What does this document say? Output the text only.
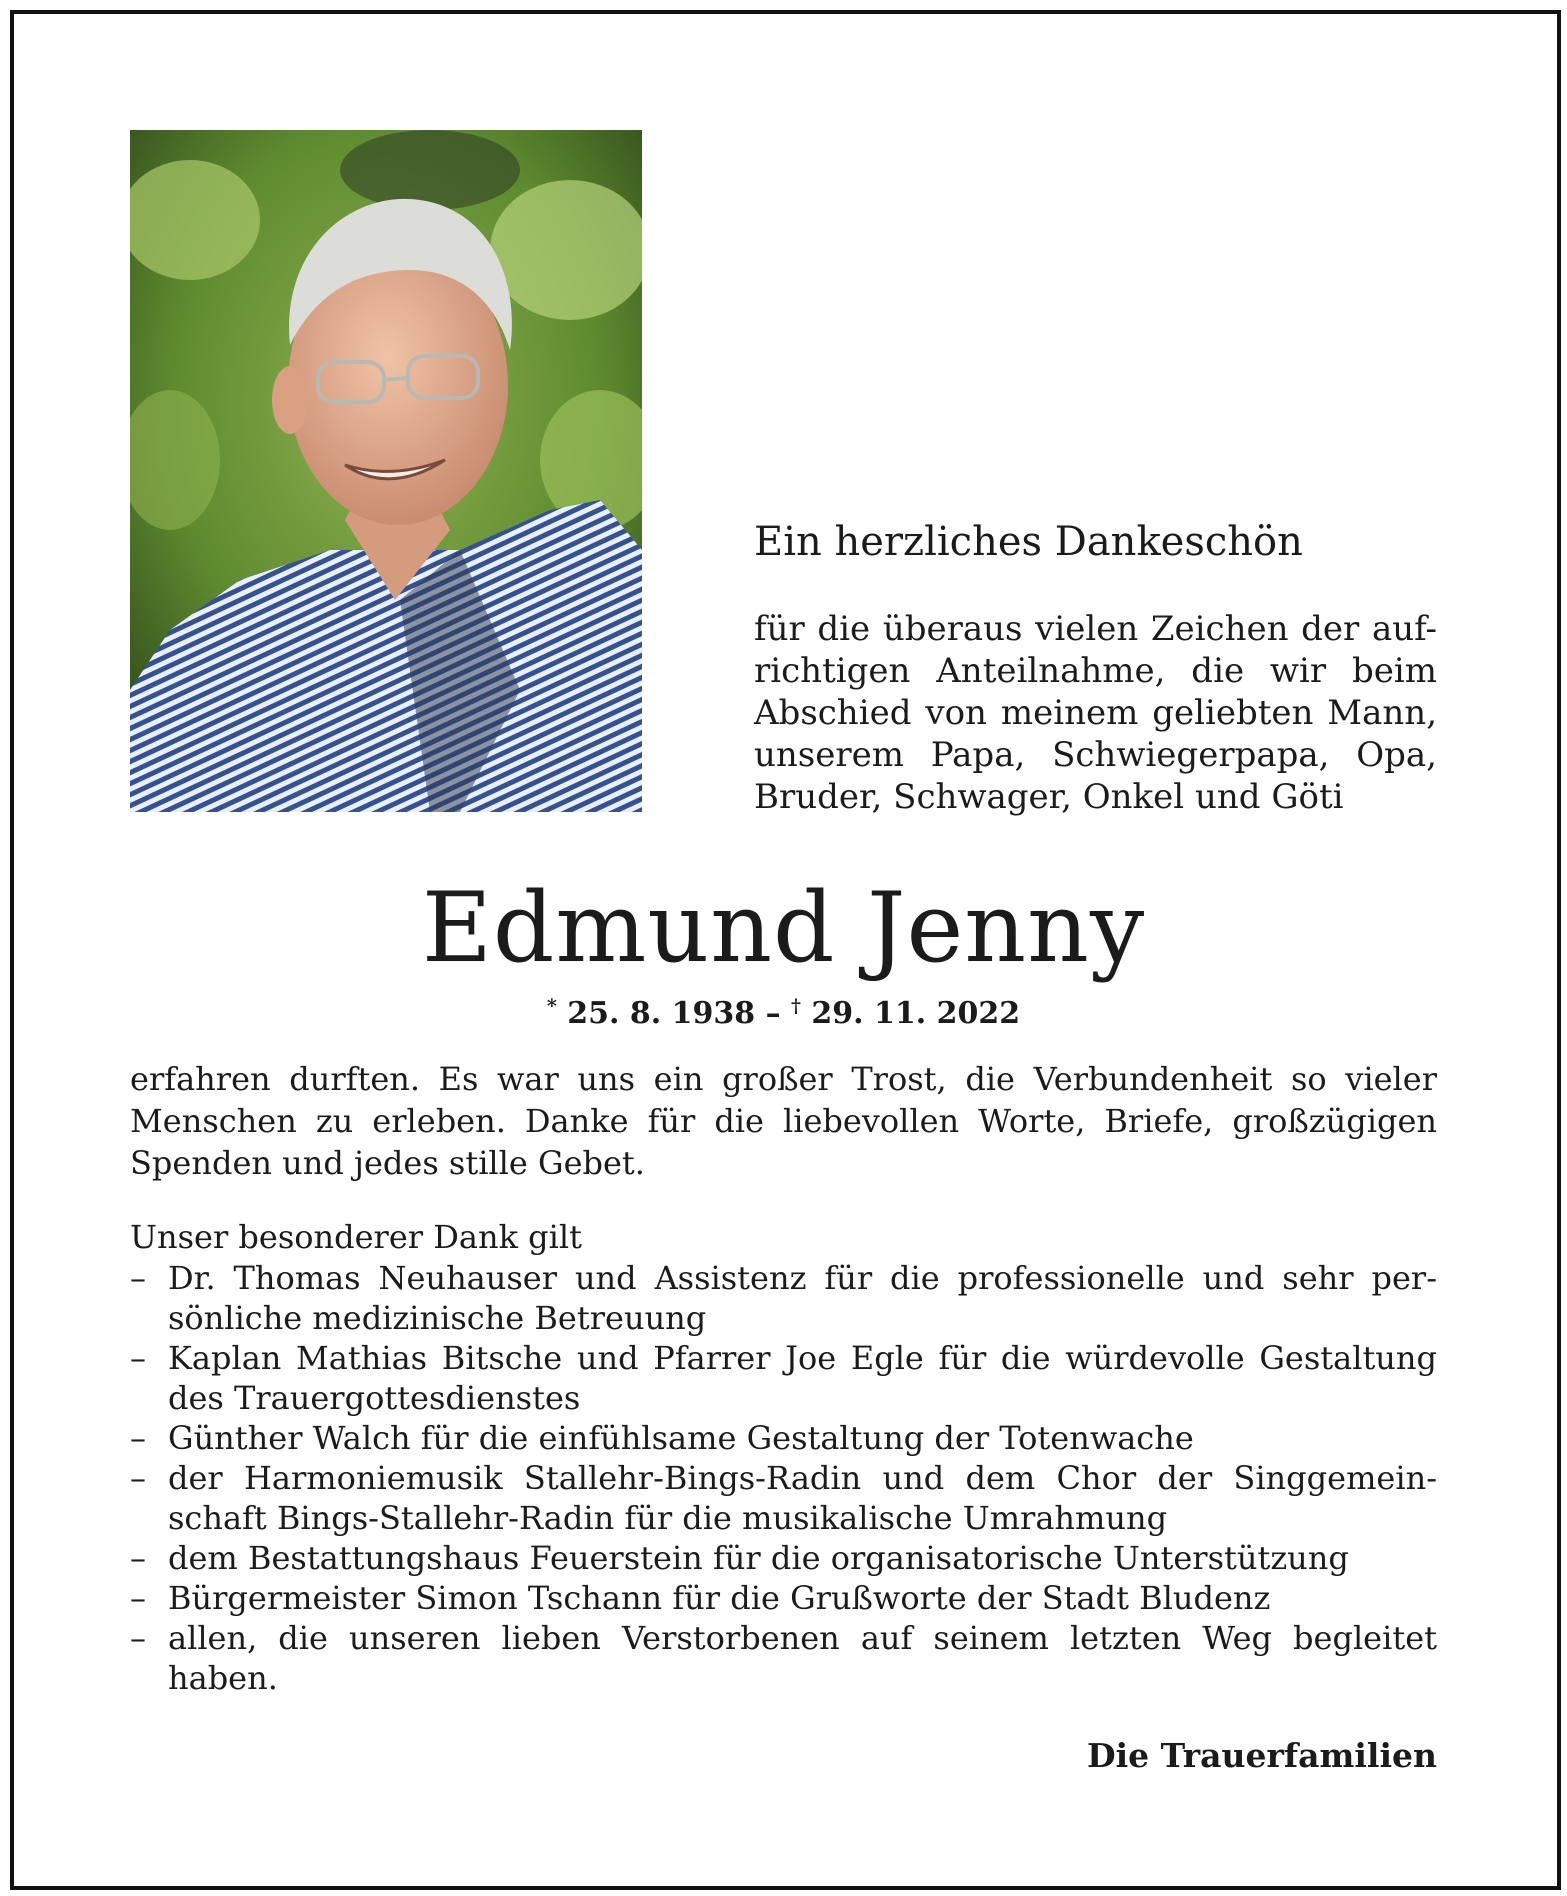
Ein herzliches Dankeschön
für die überaus vielen Zeichen der auf-
richtigen Anteilnahme, die wir beim
Abschied von meinem geliebten Mann,
unserem Papa, Schwiegerpapa, Opa,
Bruder, Schwager, Onkel und Göti
Edmund Jenny
* 25. 8. 1938 – † 29. 11. 2022
erfahren durften. Es war uns ein großer Trost, die Verbundenheit so vieler
Menschen zu erleben. Danke für die liebevollen Worte, Briefe, großzügigen
Spenden und jedes stille Gebet.
Unser besonderer Dank gilt
– Dr. Thomas Neuhauser und Assistenz für die professionelle und sehr per-
sönliche medizinische Betreuung
– Kaplan Mathias Bitsche und Pfarrer Joe Egle für die würdevolle Gestaltung
des Trauergottesdienstes
– Günther Walch für die einfühlsame Gestaltung der Totenwache
– der Harmoniemusik Stallehr-Bings-Radin und dem Chor der Singgemein-
schaft Bings-Stallehr-Radin für die musikalische Umrahmung
– dem Bestattungshaus Feuerstein für die organisatorische Unterstützung
– Bürgermeister Simon Tschann für die Grußworte der Stadt Bludenz
– allen, die unseren lieben Verstorbenen auf seinem letzten Weg begleitet
haben.
Die Trauerfamilien
